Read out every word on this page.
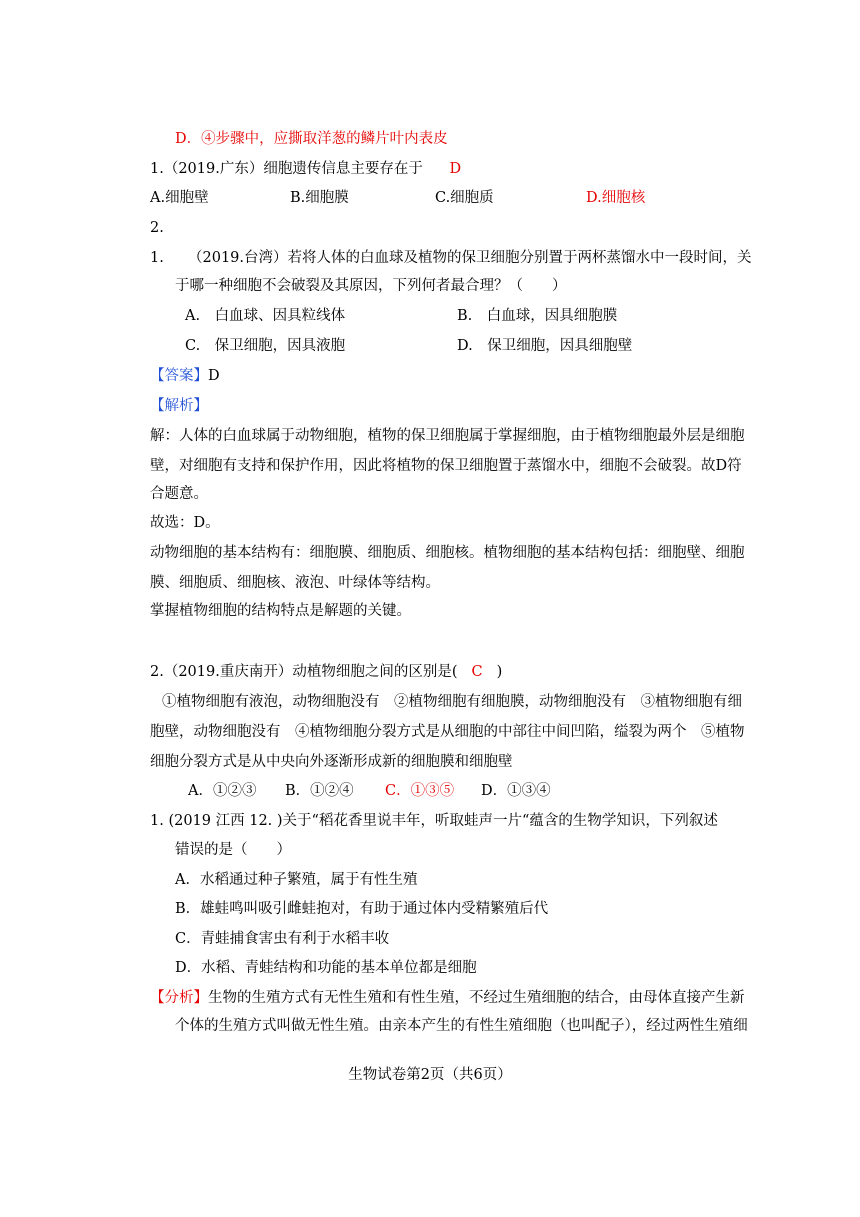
D．④步骤中，应撕取洋葱的鳞片叶内表皮
1.（2019.广东）细胞遗传信息主要存在于 D
A.细胞壁	B.细胞膜	C.细胞质	D.细胞核
2.
1. （2019.台湾）若将人体的白血球及植物的保卫细胞分别置于两杯蒸馏水中一段时间，关
于哪一种细胞不会破裂及其原因，下列何者最合理？（　　）
A.　白血球、因具粒线体	B.　白血球，因具细胞膜
C.　保卫细胞，因具液胞	D.　保卫细胞，因具细胞壁
【答案】D
【解析】
解：人体的白血球属于动物细胞，植物的保卫细胞属于掌握细胞，由于植物细胞最外层是细胞
壁，对细胞有支持和保护作用，因此将植物的保卫细胞置于蒸馏水中，细胞不会破裂。故D符
合题意。
故选：D。
动物细胞的基本结构有：细胞膜、细胞质、细胞核。植物细胞的基本结构包括：细胞壁、细胞
膜、细胞质、细胞核、液泡、叶绿体等结构。
掌握植物细胞的结构特点是解题的关键。
2.（2019.重庆南开）动植物细胞之间的区别是( C )
①植物细胞有液泡，动物细胞没有　②植物细胞有细胞膜，动物细胞没有　③植物细胞有细
胞壁，动物细胞没有　④植物细胞分裂方式是从细胞的中部往中间凹陷，缢裂为两个　⑤植物
细胞分裂方式是从中央向外逐渐形成新的细胞膜和细胞壁
A．①②③ B．①②④ C．①③⑤ D．①③④
1. (2019 江西 12. )关于“稻花香里说丰年，听取蛙声一片“蕴含的生物学知识，下列叙述
错误的是（　　）
A．水稻通过种子繁殖，属于有性生殖
B．雄蛙鸣叫吸引雌蛙抱对，有助于通过体内受精繁殖后代
C．青蛙捕食害虫有利于水稻丰收
D．水稻、青蛙结构和功能的基本单位都是细胞
【分析】生物的生殖方式有无性生殖和有性生殖，不经过生殖细胞的结合，由母体直接产生新
个体的生殖方式叫做无性生殖。由亲本产生的有性生殖细胞（也叫配子），经过两性生殖细
生物试卷第2页（共6页）
